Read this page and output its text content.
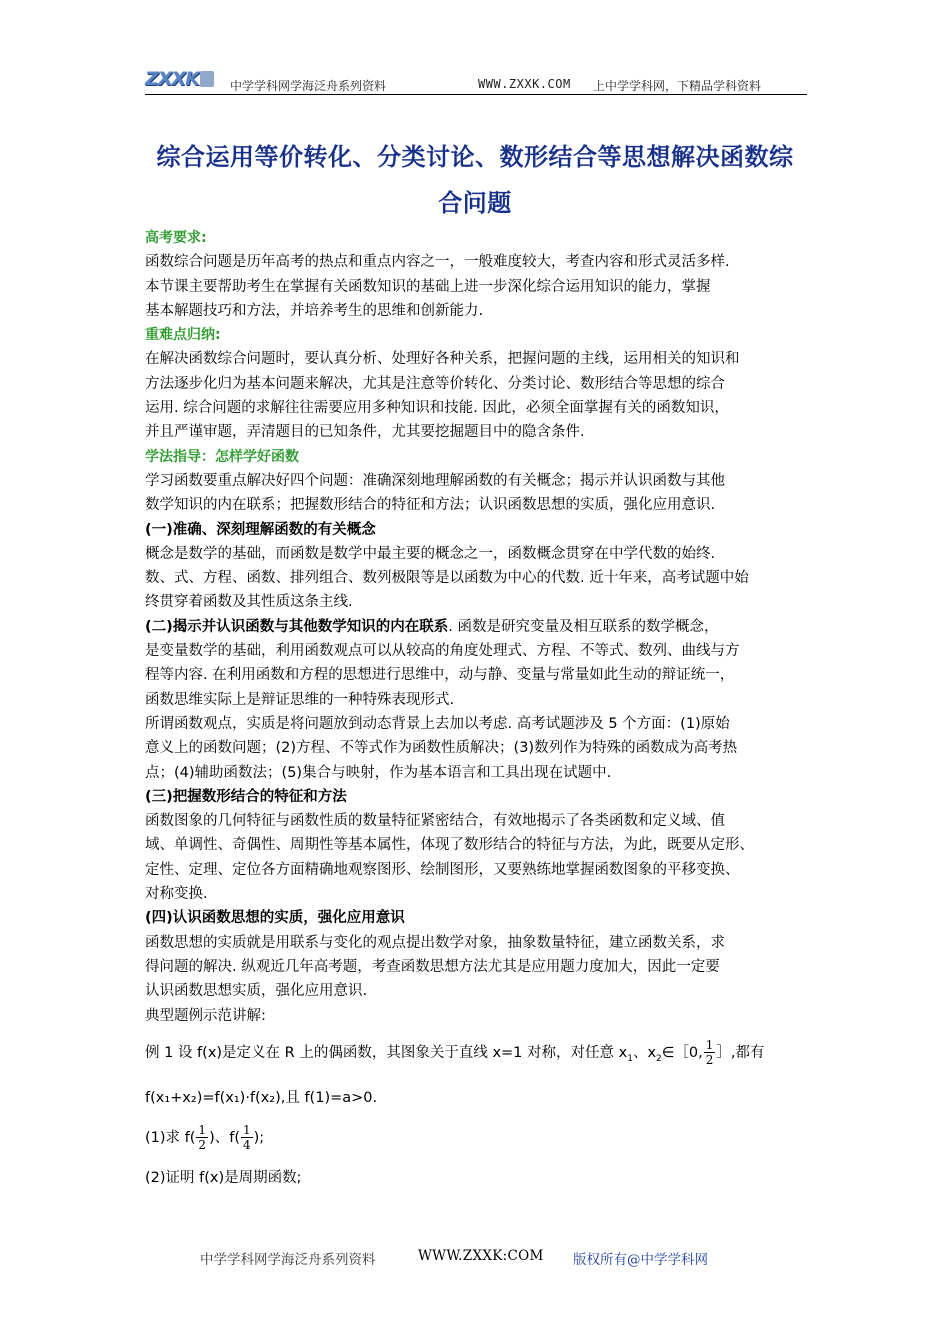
ZXXK	中学学科网学海泛舟系列资料	WWW.ZXXK.COM 上中学学科网，下精品学科资料
综合运用等价转化、分类讨论、数形结合等思想解决函数综
合问题
高考要求:
函数综合问题是历年高考的热点和重点内容之一，一般难度较大，考查内容和形式灵活多样.
本节课主要帮助考生在掌握有关函数知识的基础上进一步深化综合运用知识的能力，掌握
基本解题技巧和方法，并培养考生的思维和创新能力.
重难点归纳:
在解决函数综合问题时，要认真分析、处理好各种关系，把握问题的主线，运用相关的知识和
方法逐步化归为基本问题来解决，尤其是注意等价转化、分类讨论、数形结合等思想的综合
运用. 综合问题的求解往往需要应用多种知识和技能. 因此，必须全面掌握有关的函数知识，
并且严谨审题，弄清题目的已知条件，尤其要挖掘题目中的隐含条件.
学法指导：怎样学好函数
学习函数要重点解决好四个问题：准确深刻地理解函数的有关概念；揭示并认识函数与其他
数学知识的内在联系；把握数形结合的特征和方法；认识函数思想的实质，强化应用意识.
(一)准确、深刻理解函数的有关概念
概念是数学的基础，而函数是数学中最主要的概念之一，函数概念贯穿在中学代数的始终.
数、式、方程、函数、排列组合、数列极限等是以函数为中心的代数. 近十年来，高考试题中始
终贯穿着函数及其性质这条主线.
(二)揭示并认识函数与其他数学知识的内在联系. 函数是研究变量及相互联系的数学概念，
是变量数学的基础，利用函数观点可以从较高的角度处理式、方程、不等式、数列、曲线与方
程等内容. 在利用函数和方程的思想进行思维中，动与静、变量与常量如此生动的辩证统一，
函数思维实际上是辩证思维的一种特殊表现形式.
所谓函数观点，实质是将问题放到动态背景上去加以考虑. 高考试题涉及 5 个方面：(1)原始
意义上的函数问题；(2)方程、不等式作为函数性质解决；(3)数列作为特殊的函数成为高考热
点；(4)辅助函数法；(5)集合与映射，作为基本语言和工具出现在试题中.
(三)把握数形结合的特征和方法
函数图象的几何特征与函数性质的数量特征紧密结合，有效地揭示了各类函数和定义域、值
域、单调性、奇偶性、周期性等基本属性，体现了数形结合的特征与方法，为此，既要从定形、
定性、定理、定位各方面精确地观察图形、绘制图形，又要熟练地掌握函数图象的平移变换、
对称变换.
(四)认识函数思想的实质，强化应用意识
函数思想的实质就是用联系与变化的观点提出数学对象，抽象数量特征，建立函数关系，求
得问题的解决. 纵观近几年高考题，考查函数思想方法尤其是应用题力度加大，因此一定要
认识函数思想实质，强化应用意识.
典型题例示范讲解:
例 1 设 f(x)是定义在 R 上的偶函数，其图象关于直线 x=1 对称，对任意 $x_1$、$x_2\in[0$, $\frac{1}{2}$ ］,都有
f(x₁+x₂)=f(x₁)·f(x₂),且 f(1)=a>0.
(1)求 $f( \frac{1}{2}$ )、$f( \frac{1}{4}$ );
(2)证明 f(x)是周期函数;
中学学科网学海泛舟系列资料	WWW.ZXXK:COM 版权所有@中学学科网
